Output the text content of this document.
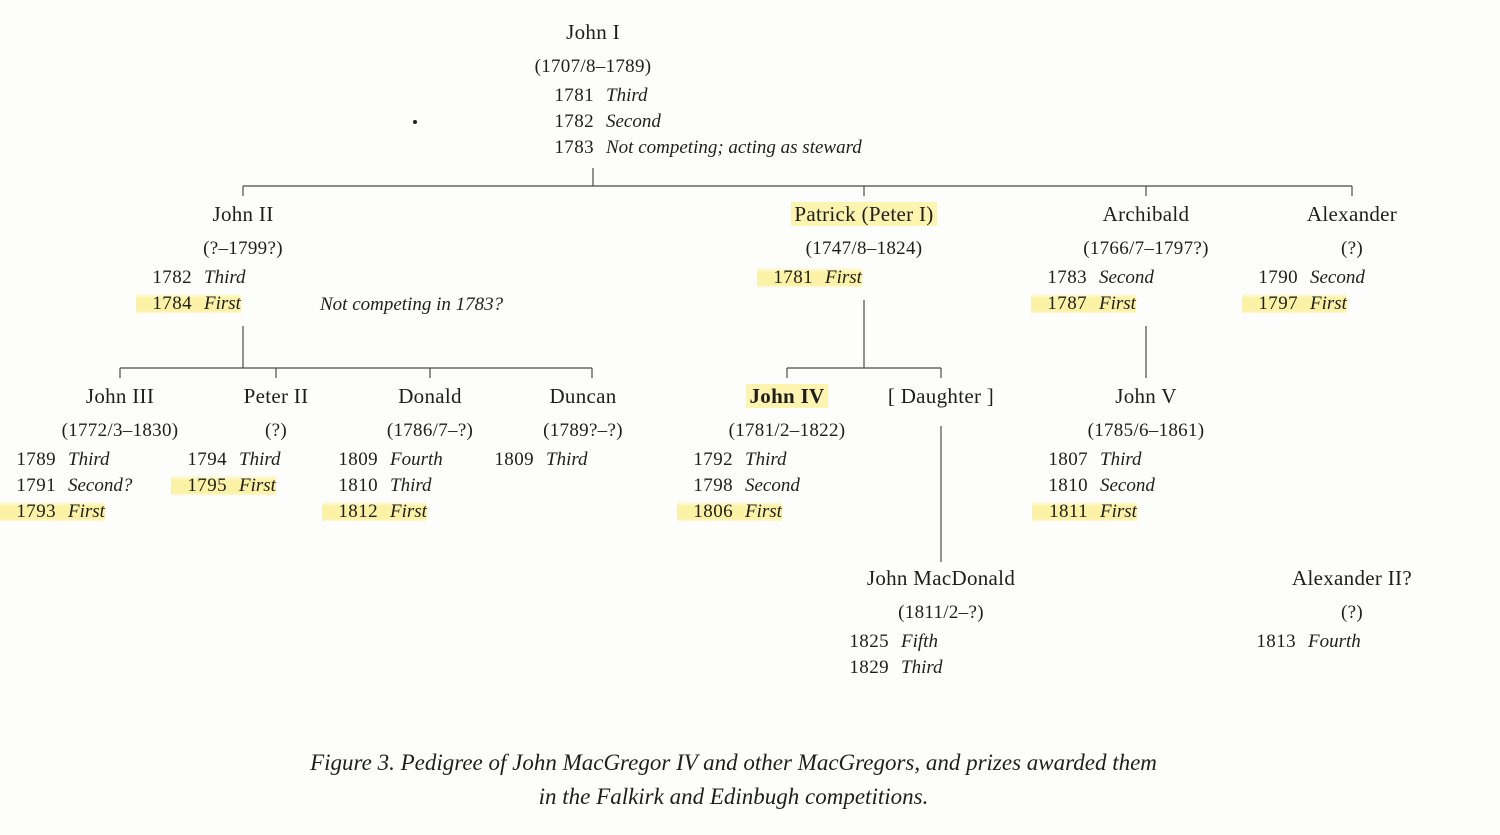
John I
(1707/8–1789)
1781 Third
1782 Second
1783 Not competing; acting as steward
John II
(?–1799?)
1782 Third
1784 First
Patrick (Peter I)
(1747/8–1824)
1781 First
Archibald
(1766/7–1797?)
1783 Second
1787 First
Alexander
(?)
1790 Second
1797 First
John III
(1772/3–1830)
1789 Third
1791 Second?
1793 First
Peter II
(?)
1794 Third
1795 First
Donald
(1786/7–?)
1809 Fourth
1810 Third
1812 First
Duncan
(1789?–?)
1809 Third
John IV
(1781/2–1822)
1792 Third
1798 Second
1806 First
[ Daughter ]	John V
(1785/6–1861)
1807 Third
1810 Second
1811 First
John MacDonald
(1811/2–?)
1825 Fifth
1829 Third
Alexander II?
(?)
1813 Fourth
Not competing in 1783?
Figure 3. Pedigree of John MacGregor IV and other MacGregors, and prizes awarded them
in the Falkirk and Edinbugh competitions.
